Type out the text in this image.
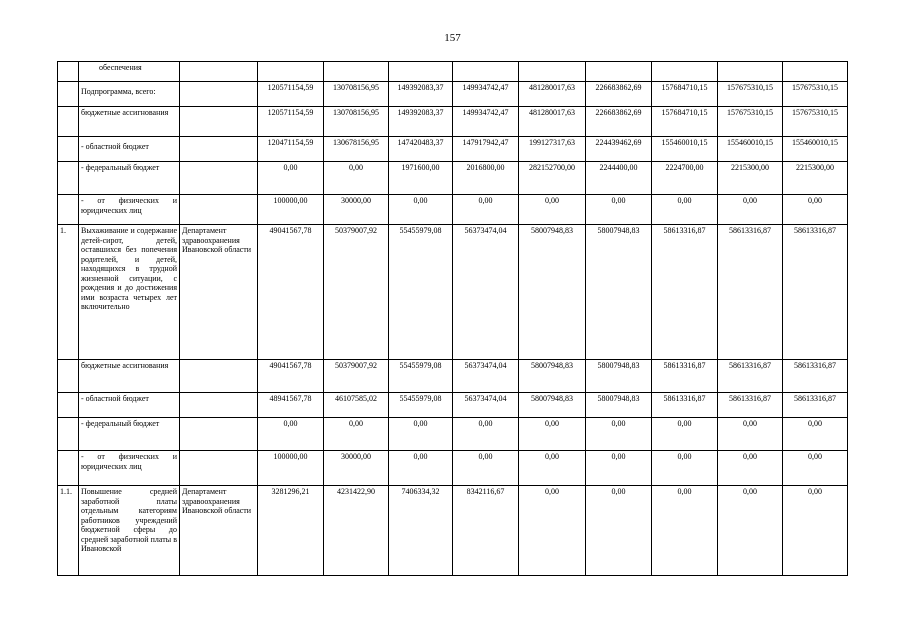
157
	обеспечения										
	Подпрограмма, всего:		120571154,59	130708156,95	149392083,37	149934742,47	481280017,63	226683862,69	157684710,15	157675310,15	157675310,15
	бюджетные ассигнования		120571154,59	130708156,95	149392083,37	149934742,47	481280017,63	226683862,69	157684710,15	157675310,15	157675310,15
	- областной бюджет		120471154,59	130678156,95	147420483,37	147917942,47	199127317,63	224439462,69	155460010,15	155460010,15	155460010,15
	- федеральный бюджет		0,00	0,00	1971600,00	2016800,00	282152700,00	2244400,00	2224700,00	2215300,00	2215300,00
	- от физических и юридических лиц		100000,00	30000,00	0,00	0,00	0,00	0,00	0,00	0,00	0,00
1.	Выхаживание и содержание детей-сирот, детей, оставшихся без попечения родителей, и детей, находящихся в трудной жизненной ситуации, с рождения и до достижения ими возраста четырех лет включительно	Департамент здравоохранения Ивановской области	49041567,78	50379007,92	55455979,08	56373474,04	58007948,83	58007948,83	58613316,87	58613316,87	58613316,87
	бюджетные ассигнования		49041567,78	50379007,92	55455979,08	56373474,04	58007948,83	58007948,83	58613316,87	58613316,87	58613316,87
	- областной бюджет		48941567,78	46107585,02	55455979,08	56373474,04	58007948,83	58007948,83	58613316,87	58613316,87	58613316,87
	- федеральный бюджет		0,00	0,00	0,00	0,00	0,00	0,00	0,00	0,00	0,00
	- от физических и юридических лиц		100000,00	30000,00	0,00	0,00	0,00	0,00	0,00	0,00	0,00
1.1.	Повышение средней заработной платы отдельным категориям работников учреждений бюджетной сферы до средней заработной платы в Ивановской	Департамент здравоохранения Ивановской области	3281296,21	4231422,90	7406334,32	8342116,67	0,00	0,00	0,00	0,00	0,00
